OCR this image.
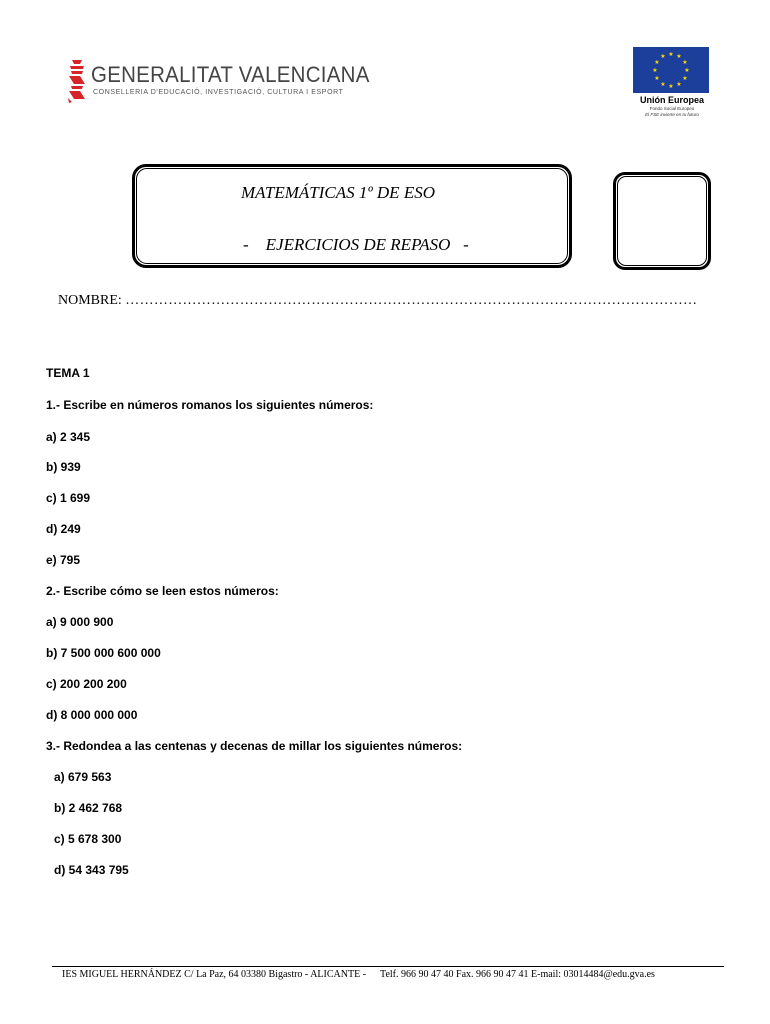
GENERALITAT VALENCIANA
CONSELLERIA D'EDUCACIÓ, INVESTIGACIÓ, CULTURA I ESPORT
★ ★
★
★
★
★
★
★
★
★
★
★
Unión Europea
Fondo Social Europeo
El FSE invierte en tu futuro
MATEMÁTICAS 1º DE ESO
-    EJERCICIOS DE REPASO   -
NOMBRE: …………………………………………………………………………………………………………
TEMA 1
1.- Escribe en números romanos los siguientes números:
a) 2 345
b) 939
c) 1 699
d) 249
e) 795
2.- Escribe cómo se leen estos números:
a) 9 000 900
b) 7 500 000 600 000
c) 200 200 200
d) 8 000 000 000
3.- Redondea a las centenas y decenas de millar los siguientes números:
a) 679 563
b) 2 462 768
c) 5 678 300
d) 54 343 795
IES MIGUEL HERNÁNDEZ C/ La Paz, 64 03380 Bigastro - ALICANTE - Telf. 966 90 47 40 Fax. 966 90 47 41 E-mail: 03014484@edu.gva.es
